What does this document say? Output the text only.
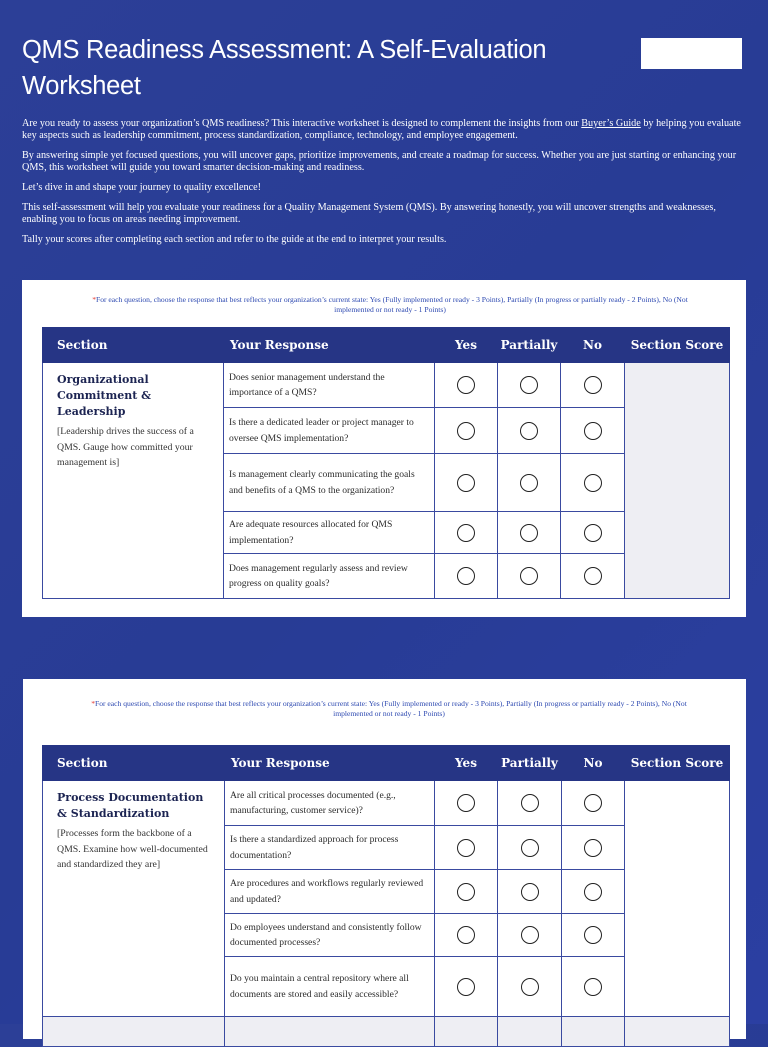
QMS Readiness Assessment: A Self-Evaluation Worksheet

Are you ready to assess your organization’s QMS readiness? This interactive worksheet is designed to complement the insights from our Buyer’s Guide by helping you evaluate key aspects such as leadership commitment, process standardization, compliance, technology, and employee engagement.

By answering simple yet focused questions, you will uncover gaps, prioritize improvements, and create a roadmap for success. Whether you are just starting or enhancing your QMS, this worksheet will guide you toward smarter decision-making and readiness.

Let’s dive in and shape your journey to quality excellence!

This self-assessment will help you evaluate your readiness for a Quality Management System (QMS). By answering honestly, you will uncover strengths and weaknesses, enabling you to focus on areas needing improvement.

Tally your scores after completing each section and refer to the guide at the end to interpret your results.

*For each question, choose the response that best reflects your organization’s current state: Yes (Fully implemented or ready - 3 Points), Partially (In progress or partially ready - 2 Points), No (Not implemented or not ready - 1 Points)
Section	Your Response	Yes	Partially	No	Section Score

Organizational Commitment & Leadership
[Leadership drives the success of a QMS. Gauge how committed your management is]	Does senior management understand the importance of a QMS?				
	Is there a dedicated leader or project manager to oversee QMS implementation?				
	Is management clearly communicating the goals and benefits of a QMS to the organization?				
	Are adequate resources allocated for QMS implementation?				
	Does management regularly assess and review progress on quality goals?				
*For each question, choose the response that best reflects your organization’s current state: Yes (Fully implemented or ready - 3 Points), Partially (In progress or partially ready - 2 Points), No (Not implemented or not ready - 1 Points)
Section	Your Response	Yes	Partially	No	Section Score

Process Documentation & Standardization
[Processes form the backbone of a QMS. Examine how well-documented and standardized they are]	Are all critical processes documented (e.g., manufacturing, customer service)?				
	Is there a standardized approach for process documentation?				
	Are procedures and workflows regularly reviewed and updated?				
	Do employees understand and consistently follow documented processes?				
	Do you maintain a central repository where all documents are stored and easily accessible?				
